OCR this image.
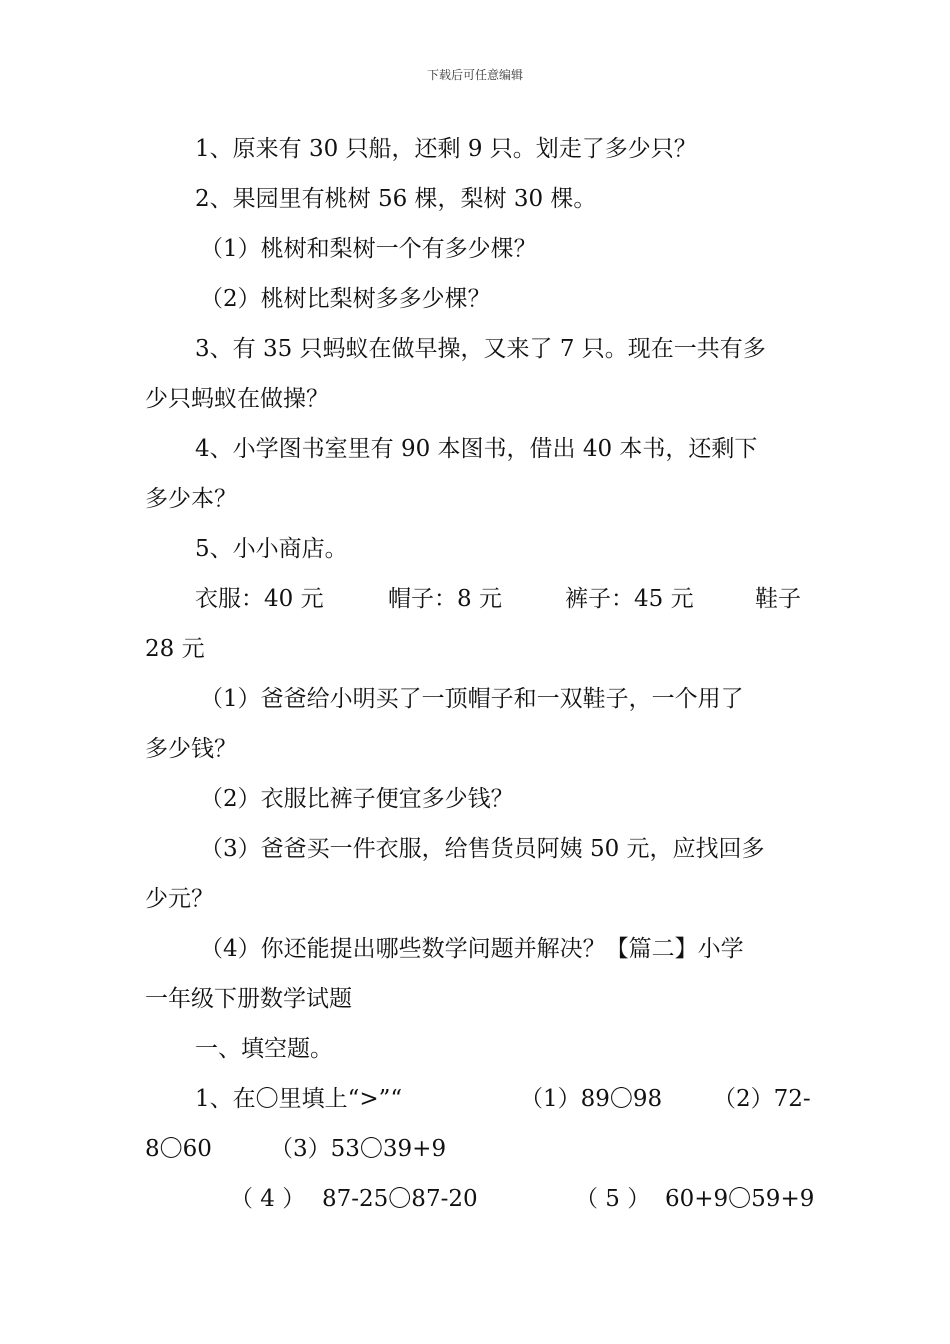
下载后可任意编辑
1、原来有 30 只船，还剩 9 只。划走了多少只？
2、果园里有桃树 56 棵，梨树 30 棵。
（1）桃树和梨树一个有多少棵？
（2）桃树比梨树多多少棵？
3、有 35 只蚂蚁在做早操，又来了 7 只。现在一共有多
少只蚂蚁在做操？
4、小学图书室里有 90 本图书，借出 40 本书，还剩下
多少本？
5、小小商店。
衣服：40 元	帽子：8 元	裤子：45 元	鞋子
28 元
（1）爸爸给小明买了一顶帽子和一双鞋子，一个用了
多少钱？
（2）衣服比裤子便宜多少钱？
（3）爸爸买一件衣服，给售货员阿姨 50 元，应找回多
少元？
（4）你还能提出哪些数学问题并解决？【篇二】小学
一年级下册数学试题
一、填空题。
1、在〇里填上“>”“	（1）89〇98 （2）72-
8〇60	（3）53〇39+9
（ 4 ） 87-25〇87-20	（ 5 ） 60+9〇59+9
